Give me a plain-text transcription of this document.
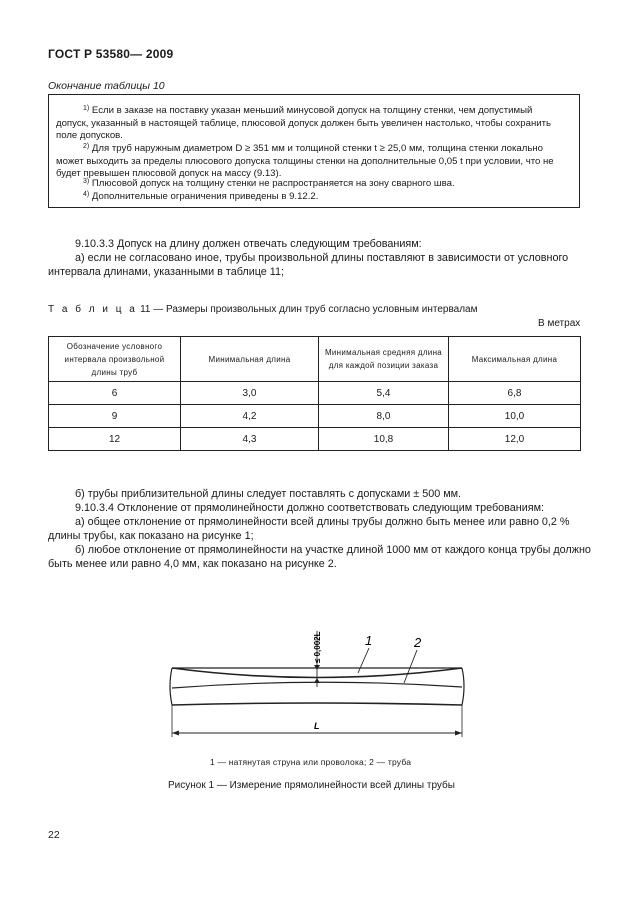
ГОСТ Р 53580— 2009
Окончание таблицы 10
$^{1)}$ Если в заказе на поставку указан меньший минусовой допуск на толщину стенки, чем допустимый
допуск, указанный в настоящей таблице, плюсовой допуск должен быть увеличен настолько, чтобы сохранить
поле допусков.
$^{2)}$ Для труб наружным диаметром D ≥ 351 мм и толщиной стенки t ≥ 25,0 мм, толщина стенки локально
может выходить за пределы плюсового допуска толщины стенки на дополнительные 0,05 t при условии, что не
будет превышен плюсовой допуск на массу (9.13).
$^{3)}$ Плюсовой допуск на толщину стенки не распространяется на зону сварного шва.
$^{4)}$ Дополнительные ограничения приведены в 9.12.2.
9.10.3.3 Допуск на длину должен отвечать следующим требованиям:
а) если не согласовано иное, трубы произвольной длины поставляют в зависимости от условного
интервала длинами, указанными в таблице 11;
Т а б л и ц а 11 — Размеры произвольных длин труб согласно условным интервалам
В метрах
Обозначение условного интервала произвольной длины труб	Минимальная длина	Минимальная средняя длина для каждой позиции заказа	Максимальная длина
6	3,0	5,4	6,8
9	4,2	8,0	10,0
12	4,3	10,8	12,0
б) трубы приблизительной длины следует поставлять с допусками ± 500 мм.
9.10.3.4 Отклонение от прямолинейности должно соответствовать следующим требованиям:
а) общее отклонение от прямолинейности всей длины трубы должно быть менее или равно 0,2 %
длины трубы, как показано на рисунке 1;
б) любое отклонение от прямолинейности на участке длиной 1000 мм от каждого конца трубы должно
быть менее или равно 4,0 мм, как показано на рисунке 2.
≤ 0,002L	1	2
L
1 — натянутая струна или проволока; 2 — труба
Рисунок 1 — Измерение прямолинейности всей длины трубы
22
